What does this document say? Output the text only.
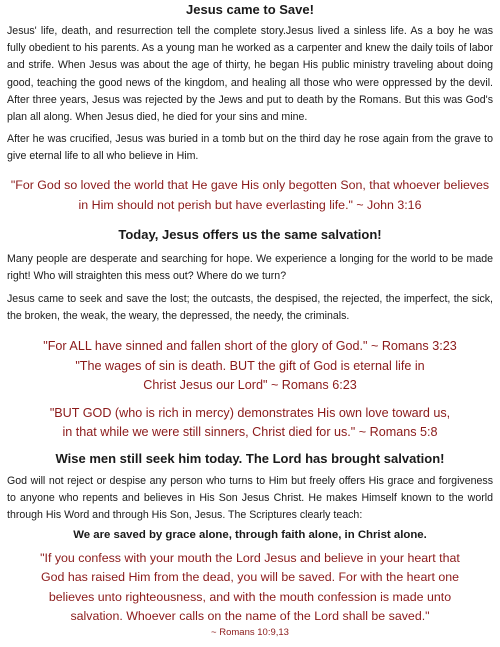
Jesus came to Save!

Jesus' life, death, and resurrection tell the complete story.Jesus lived a sinless life. As a boy he was fully obedient to his parents. As a young man he worked as a carpenter and knew the daily toils of labor and strife. When Jesus was about the age of thirty, he began His public ministry traveling about doing good, teaching the good news of the kingdom, and healing all those who were oppressed by the devil. After three years, Jesus was rejected by the Jews and put to death by the Romans. But this was God's plan all along. When Jesus died, he died for your sins and mine.

After he was crucified, Jesus was buried in a tomb but on the third day he rose again from the grave to give eternal life to all who believe in Him.

"For God so loved the world that He gave His only begotten Son, that whoever believes in Him should not perish but have everlasting life." ~ John 3:16

Today, Jesus offers us the same salvation!

Many people are desperate and searching for hope. We experience a longing for the world to be made right! Who will straighten this mess out? Where do we turn?

Jesus came to seek and save the lost; the outcasts, the despised, the rejected, the imperfect, the sick, the broken, the weak, the weary, the depressed, the needy, the criminals.

"For ALL have sinned and fallen short of the glory of God." ~ Romans 3:23

"The wages of sin is death. BUT the gift of God is eternal life in

Christ Jesus our Lord" ~ Romans 6:23

"BUT GOD (who is rich in mercy) demonstrates His own love toward us,

in that while we were still sinners, Christ died for us." ~ Romans 5:8

Wise men still seek him today. The Lord has brought salvation!

God will not reject or despise any person who turns to Him but freely offers His grace and forgiveness to anyone who repents and believes in His Son Jesus Christ. He makes Himself known to the world through His Word and through His Son, Jesus. The Scriptures clearly teach:

We are saved by grace alone, through faith alone, in Christ alone.

"If you confess with your mouth the Lord Jesus and believe in your heart that

God has raised Him from the dead, you will be saved. For with the heart one

believes unto righteousness, and with the mouth confession is made unto

salvation. Whoever calls on the name of the Lord shall be saved."

~ Romans 10:9,13
